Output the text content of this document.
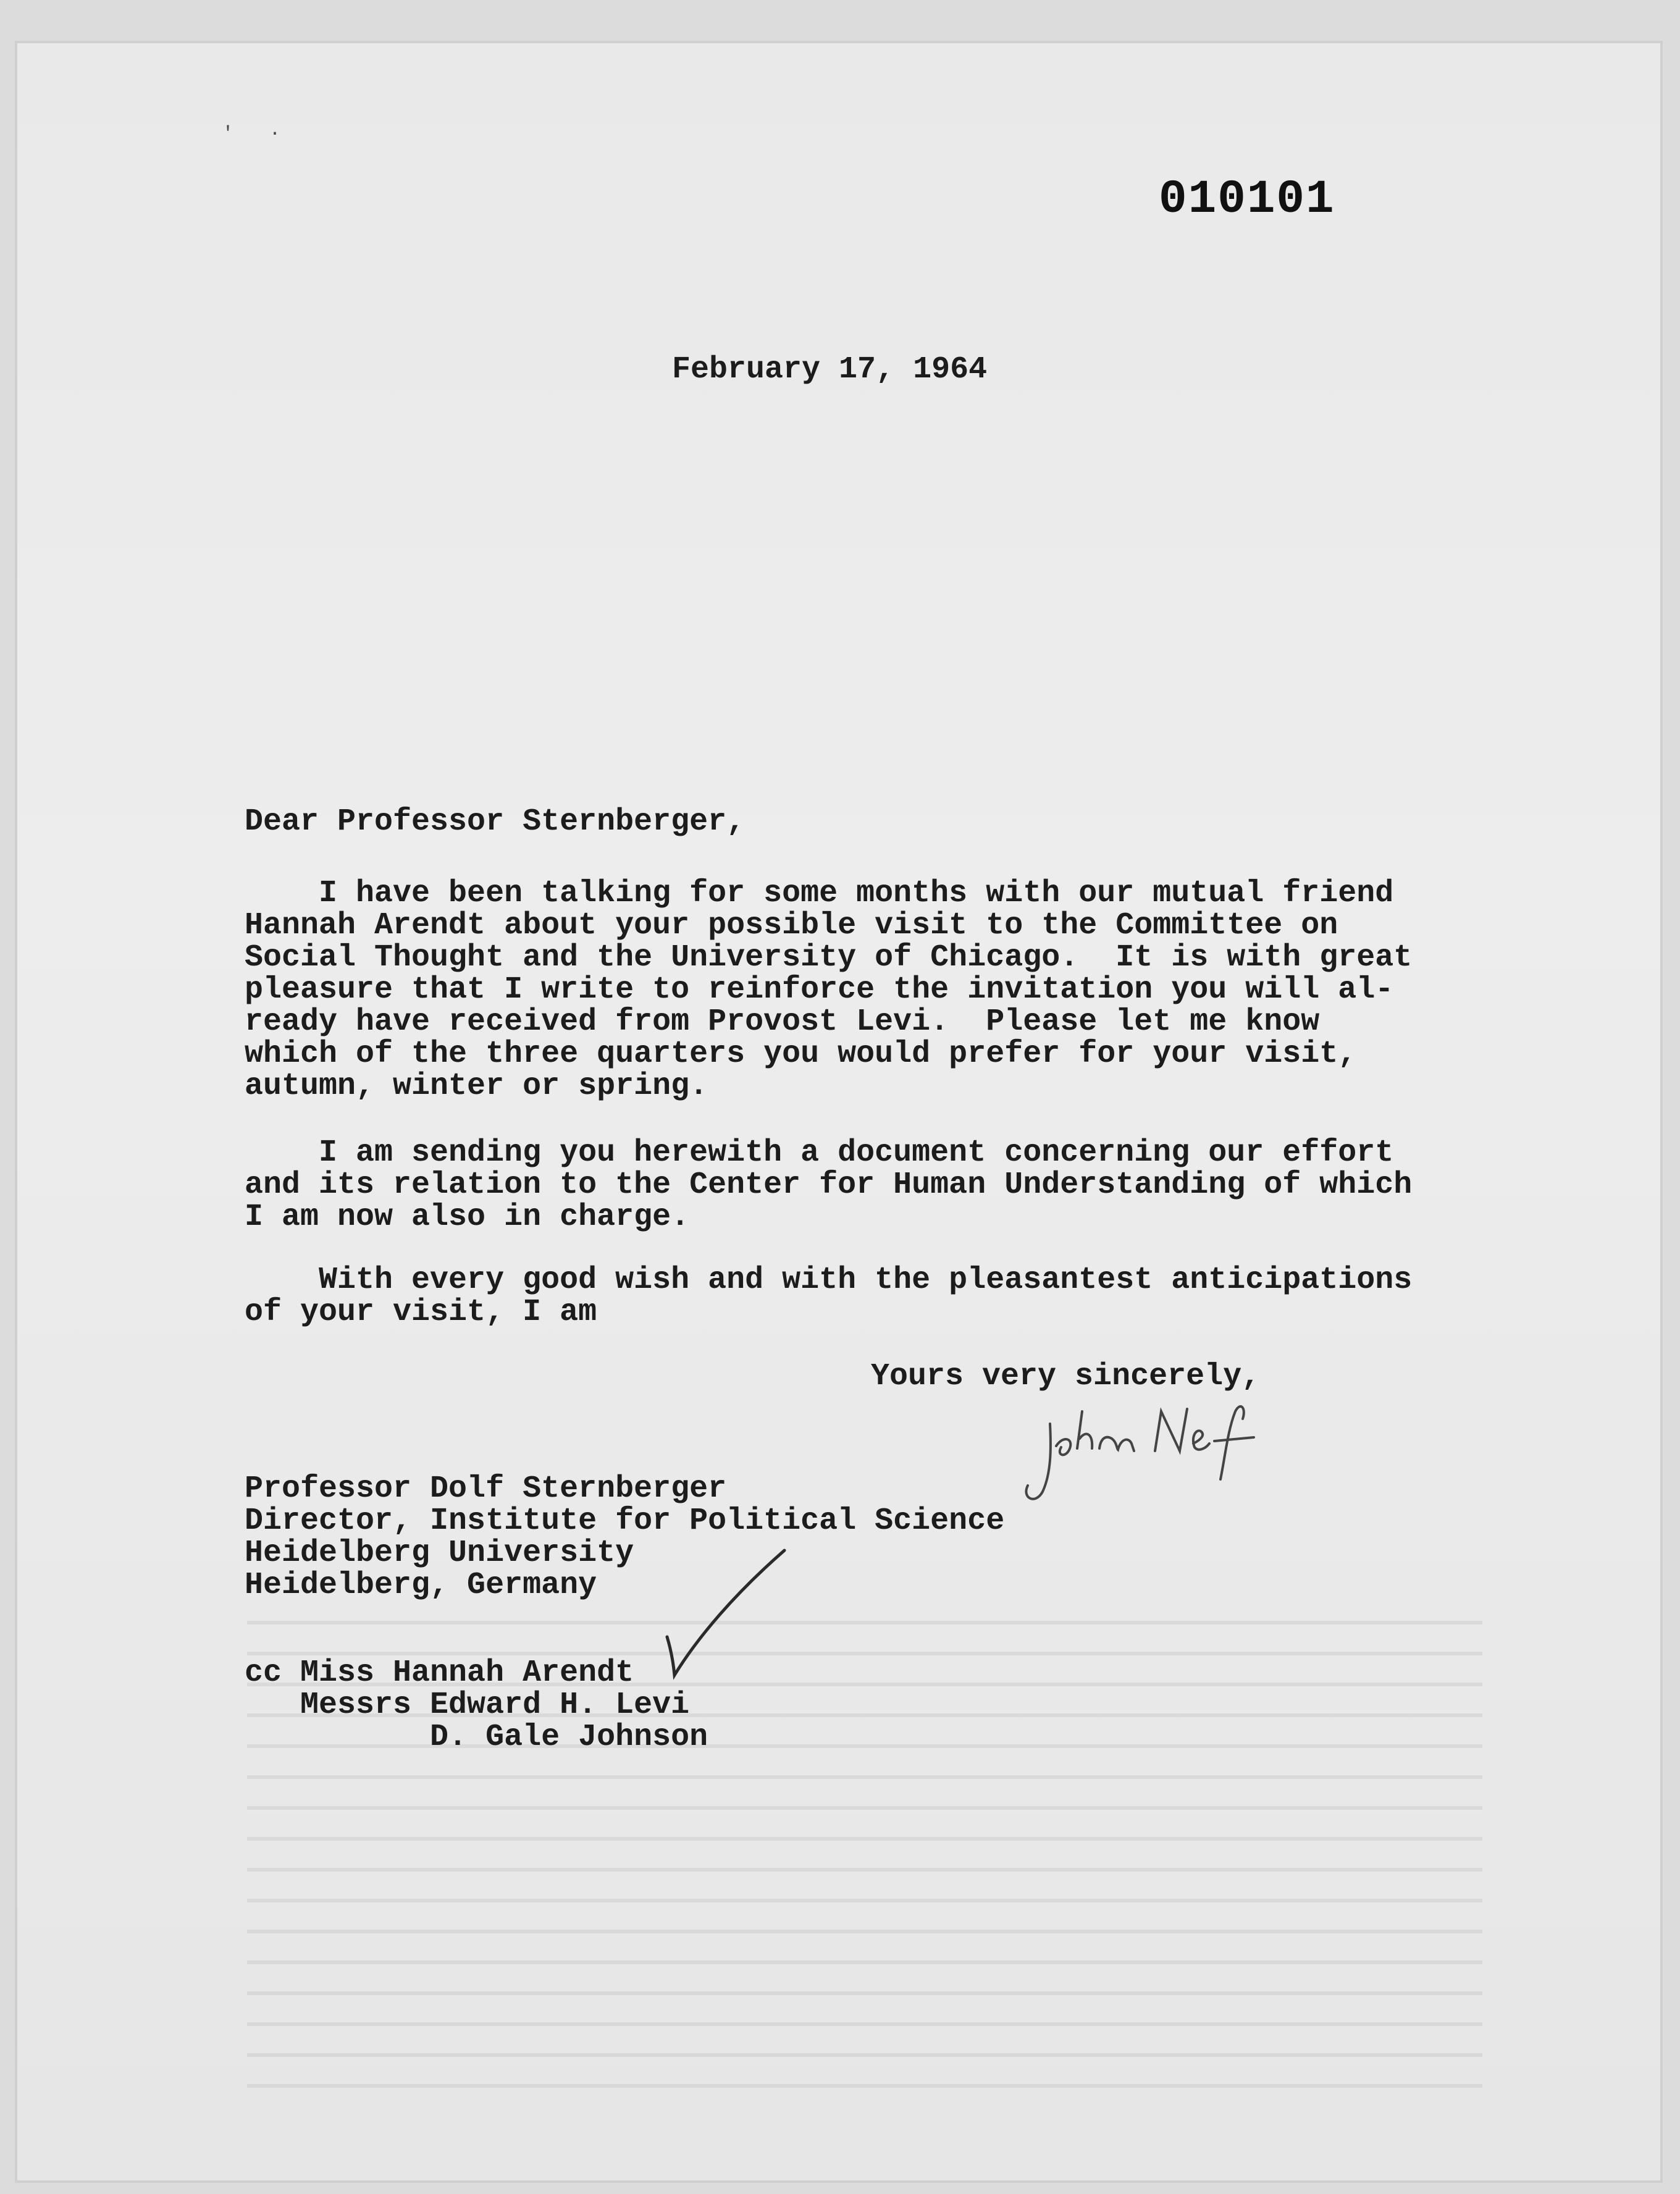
' ·
010101
February 17, 1964
Dear Professor Sternberger,
I have been talking for some months with our mutual friend
Hannah Arendt about your possible visit to the Committee on
Social Thought and the University of Chicago.  It is with great
pleasure that I write to reinforce the invitation you will al-
ready have received from Provost Levi.  Please let me know
which of the three quarters you would prefer for your visit,
autumn, winter or spring.
I am sending you herewith a document concerning our effort
and its relation to the Center for Human Understanding of which
I am now also in charge.
With every good wish and with the pleasantest anticipations
of your visit, I am
Yours very sincerely,
Professor Dolf Sternberger
Director, Institute for Political Science
Heidelberg University
Heidelberg, Germany
cc Miss Hannah Arendt
Messrs Edward H. Levi
D. Gale Johnson
